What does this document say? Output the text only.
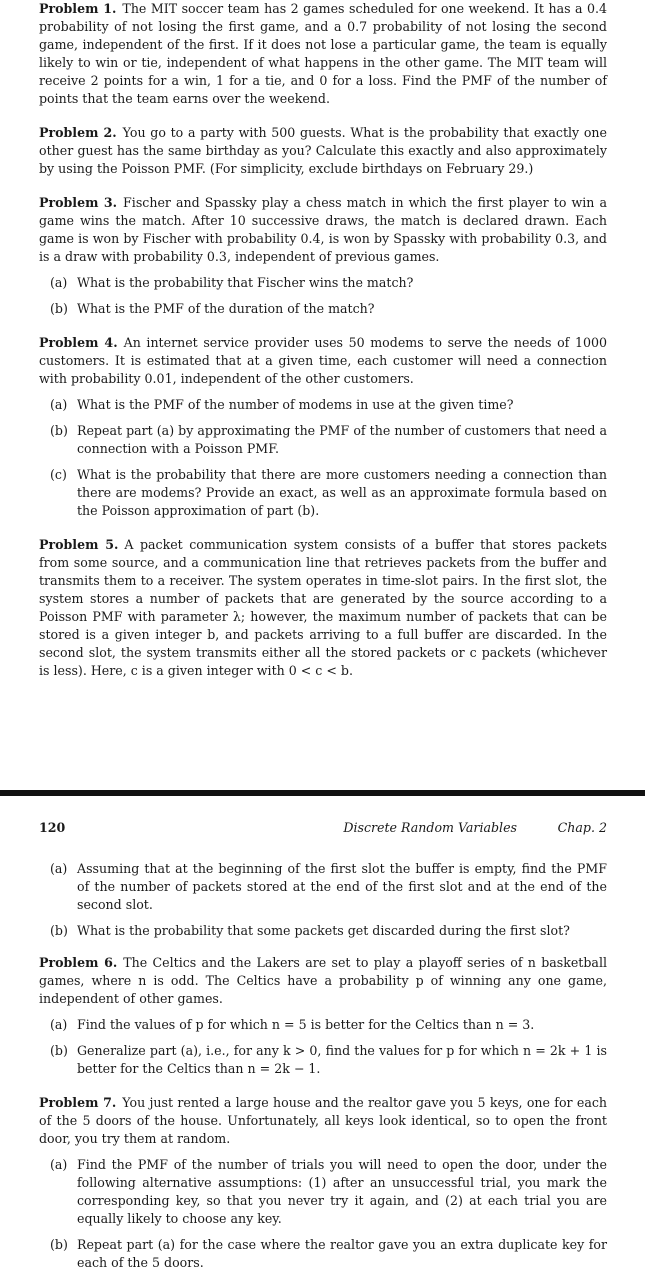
Problem 1. The MIT soccer team has 2 games scheduled for one weekend. It has a 0.4 probability of not losing the first game, and a 0.7 probability of not losing the second game, independent of the first. If it does not lose a particular game, the team is equally likely to win or tie, independent of what happens in the other game. The MIT team will receive 2 points for a win, 1 for a tie, and 0 for a loss. Find the PMF of the number of points that the team earns over the weekend.
Problem 2. You go to a party with 500 guests. What is the probability that exactly one other guest has the same birthday as you? Calculate this exactly and also approximately by using the Poisson PMF. (For simplicity, exclude birthdays on February 29.)
Problem 3. Fischer and Spassky play a chess match in which the first player to win a game wins the match. After 10 successive draws, the match is declared drawn. Each game is won by Fischer with probability 0.4, is won by Spassky with probability 0.3, and is a draw with probability 0.3, independent of previous games.
(a) What is the probability that Fischer wins the match?
(b) What is the PMF of the duration of the match?
Problem 4. An internet service provider uses 50 modems to serve the needs of 1000 customers. It is estimated that at a given time, each customer will need a connection with probability 0.01, independent of the other customers.
(a) What is the PMF of the number of modems in use at the given time?
(b) Repeat part (a) by approximating the PMF of the number of customers that need a connection with a Poisson PMF.
(c) What is the probability that there are more customers needing a connection than there are modems? Provide an exact, as well as an approximate formula based on the Poisson approximation of part (b).
Problem 5. A packet communication system consists of a buffer that stores packets from some source, and a communication line that retrieves packets from the buffer and transmits them to a receiver. The system operates in time-slot pairs. In the first slot, the system stores a number of packets that are generated by the source according to a Poisson PMF with parameter λ; however, the maximum number of packets that can be stored is a given integer b, and packets arriving to a full buffer are discarded. In the second slot, the system transmits either all the stored packets or c packets (whichever is less). Here, c is a given integer with 0 < c < b.
120	Discrete Random Variables	Chap. 2
(a) Assuming that at the beginning of the first slot the buffer is empty, find the PMF of the number of packets stored at the end of the first slot and at the end of the second slot.
(b) What is the probability that some packets get discarded during the first slot?
Problem 6. The Celtics and the Lakers are set to play a playoff series of n basketball games, where n is odd. The Celtics have a probability p of winning any one game, independent of other games.
(a) Find the values of p for which n = 5 is better for the Celtics than n = 3.
(b) Generalize part (a), i.e., for any k > 0, find the values for p for which n = 2k + 1 is better for the Celtics than n = 2k − 1.
Problem 7. You just rented a large house and the realtor gave you 5 keys, one for each of the 5 doors of the house. Unfortunately, all keys look identical, so to open the front door, you try them at random.
(a) Find the PMF of the number of trials you will need to open the door, under the following alternative assumptions: (1) after an unsuccessful trial, you mark the corresponding key, so that you never try it again, and (2) at each trial you are equally likely to choose any key.
(b) Repeat part (a) for the case where the realtor gave you an extra duplicate key for each of the 5 doors.
